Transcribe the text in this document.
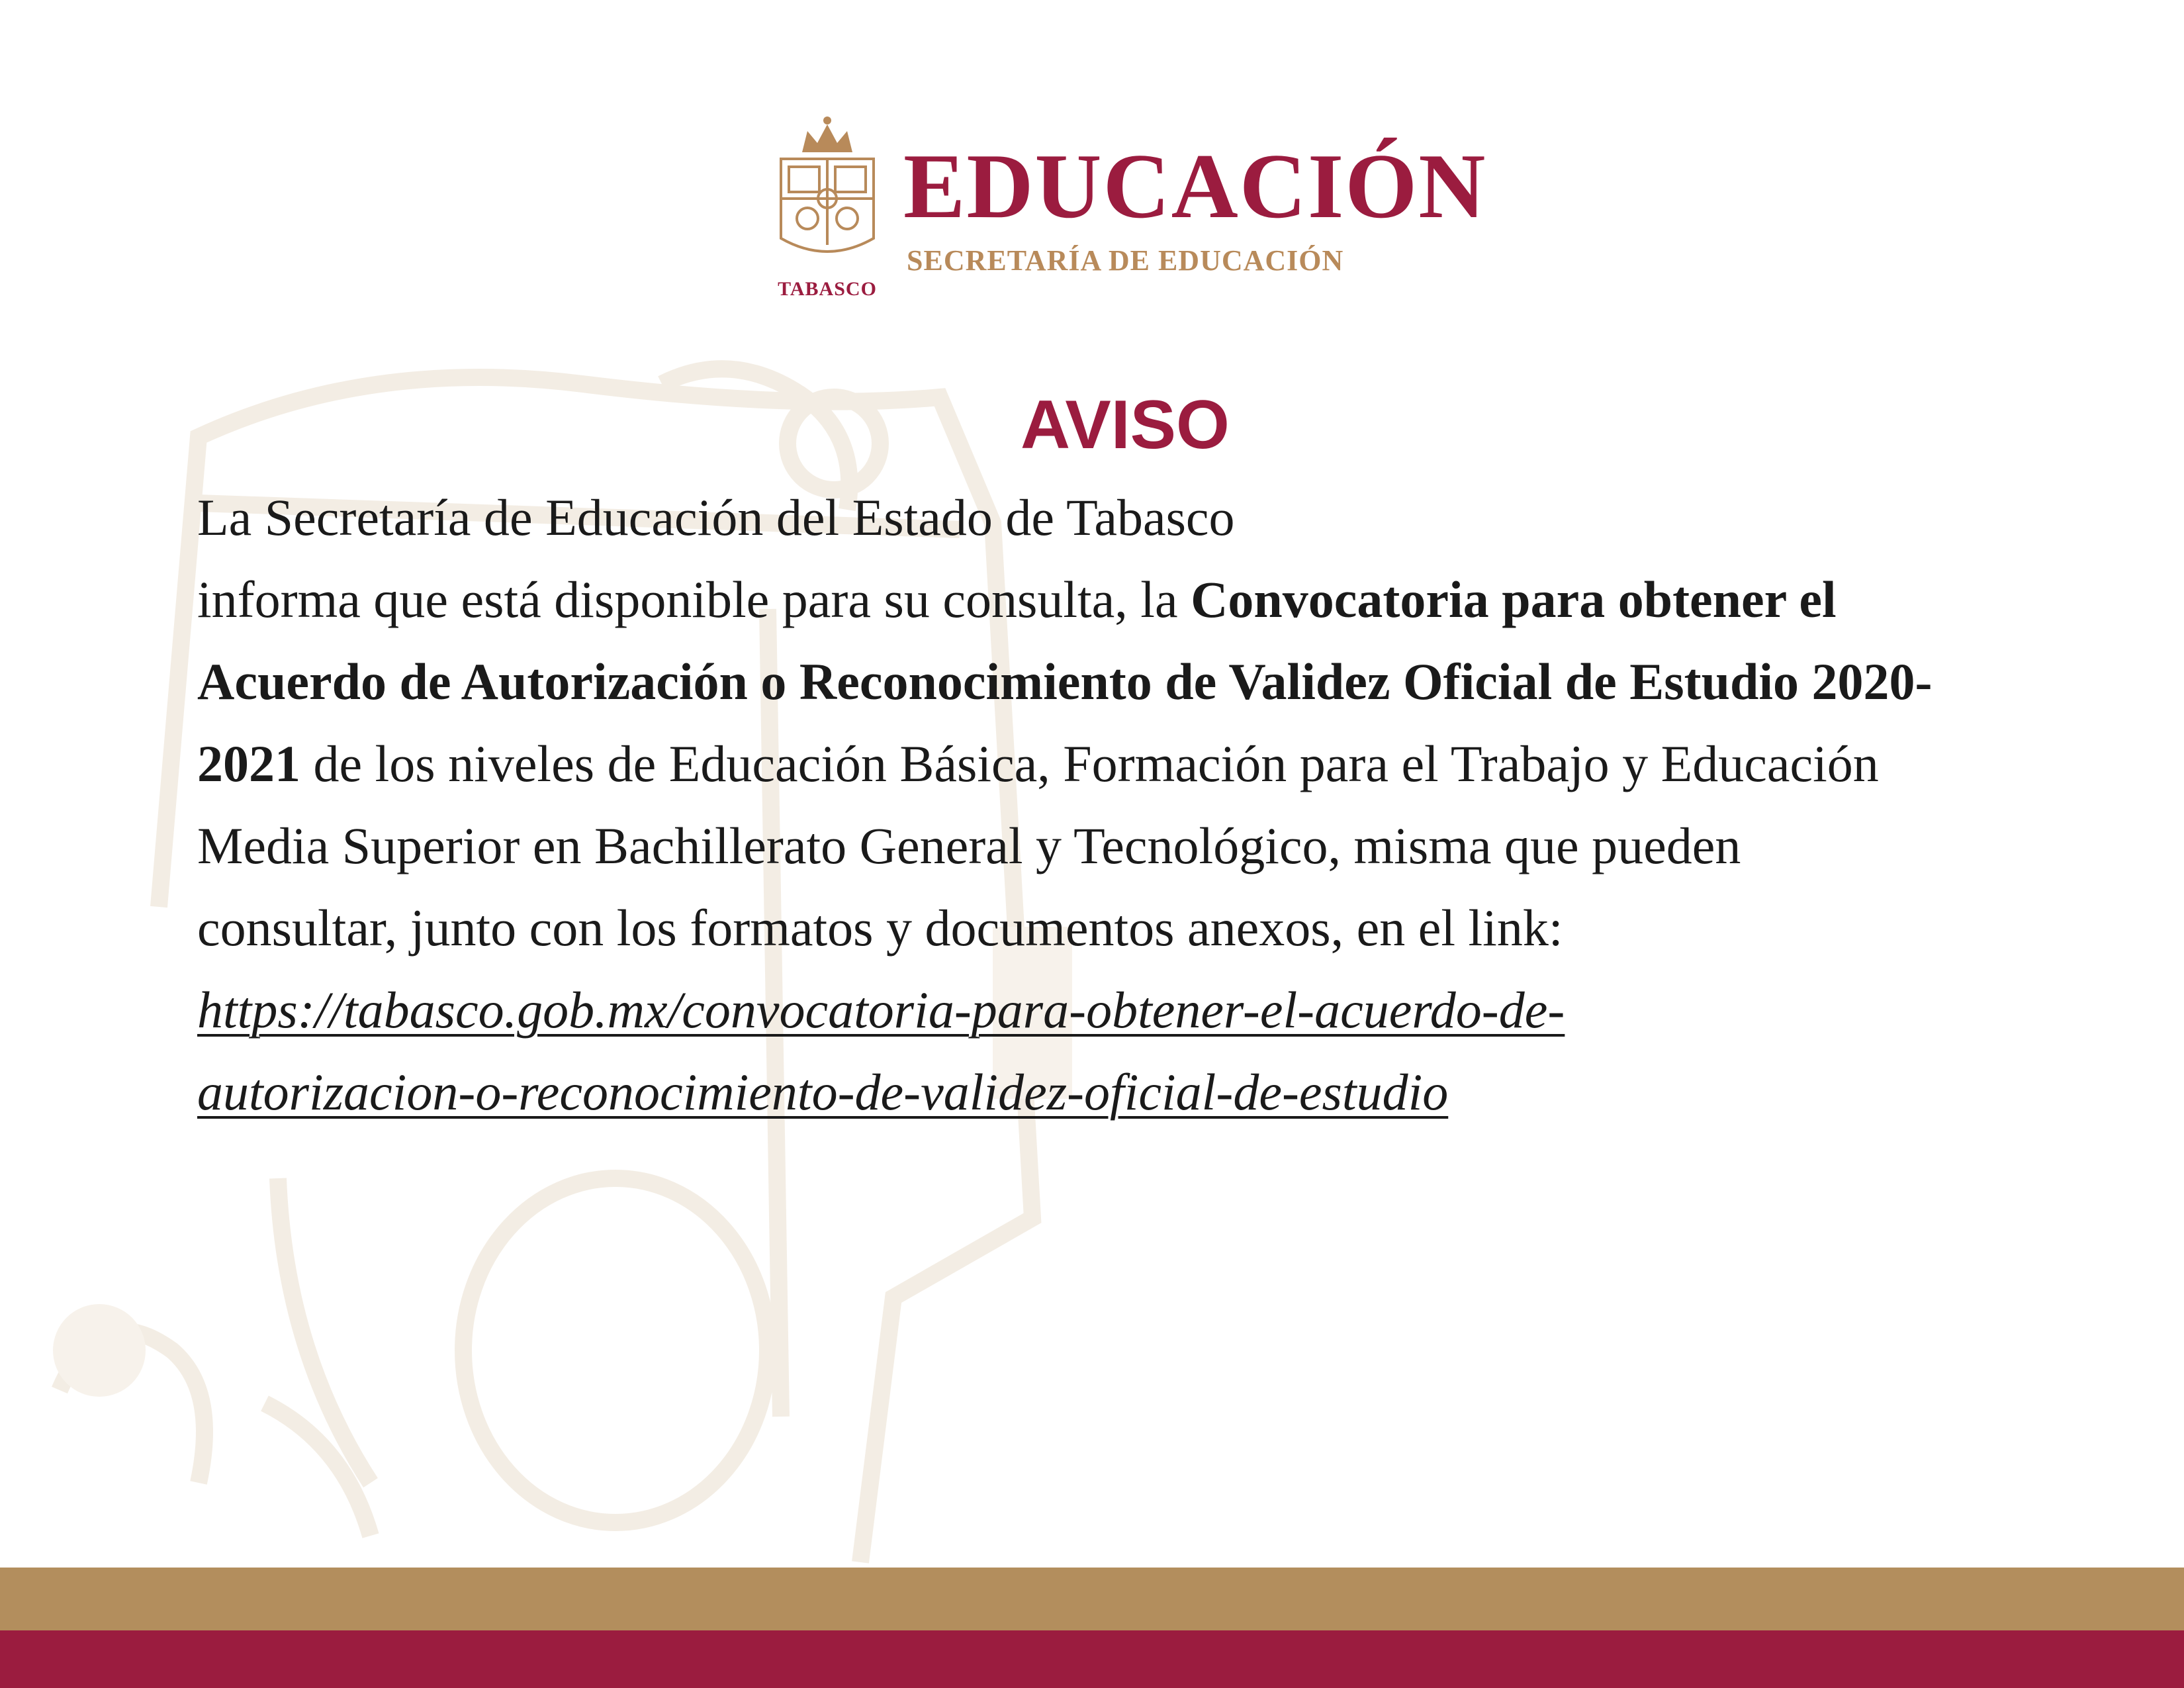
TABASCO
EDUCACIÓN
SECRETARÍA DE EDUCACIÓN
AVISO

La Secretaría de Educación del Estado de Tabasco
informa que está disponible para su consulta, la Convocatoria para obtener el Acuerdo de Autorización o Reconocimiento de Validez Oficial de Estudio 2020-2021 de los niveles de Educación Básica, Formación para el Trabajo y Educación Media Superior en Bachillerato General y Tecnológico, misma que pueden consultar, junto con los formatos y documentos anexos, en el link:
https://tabasco.gob.mx/convocatoria-para-obtener-el-acuerdo-de-
autorizacion-o-reconocimiento-de-validez-oficial-de-estudio
